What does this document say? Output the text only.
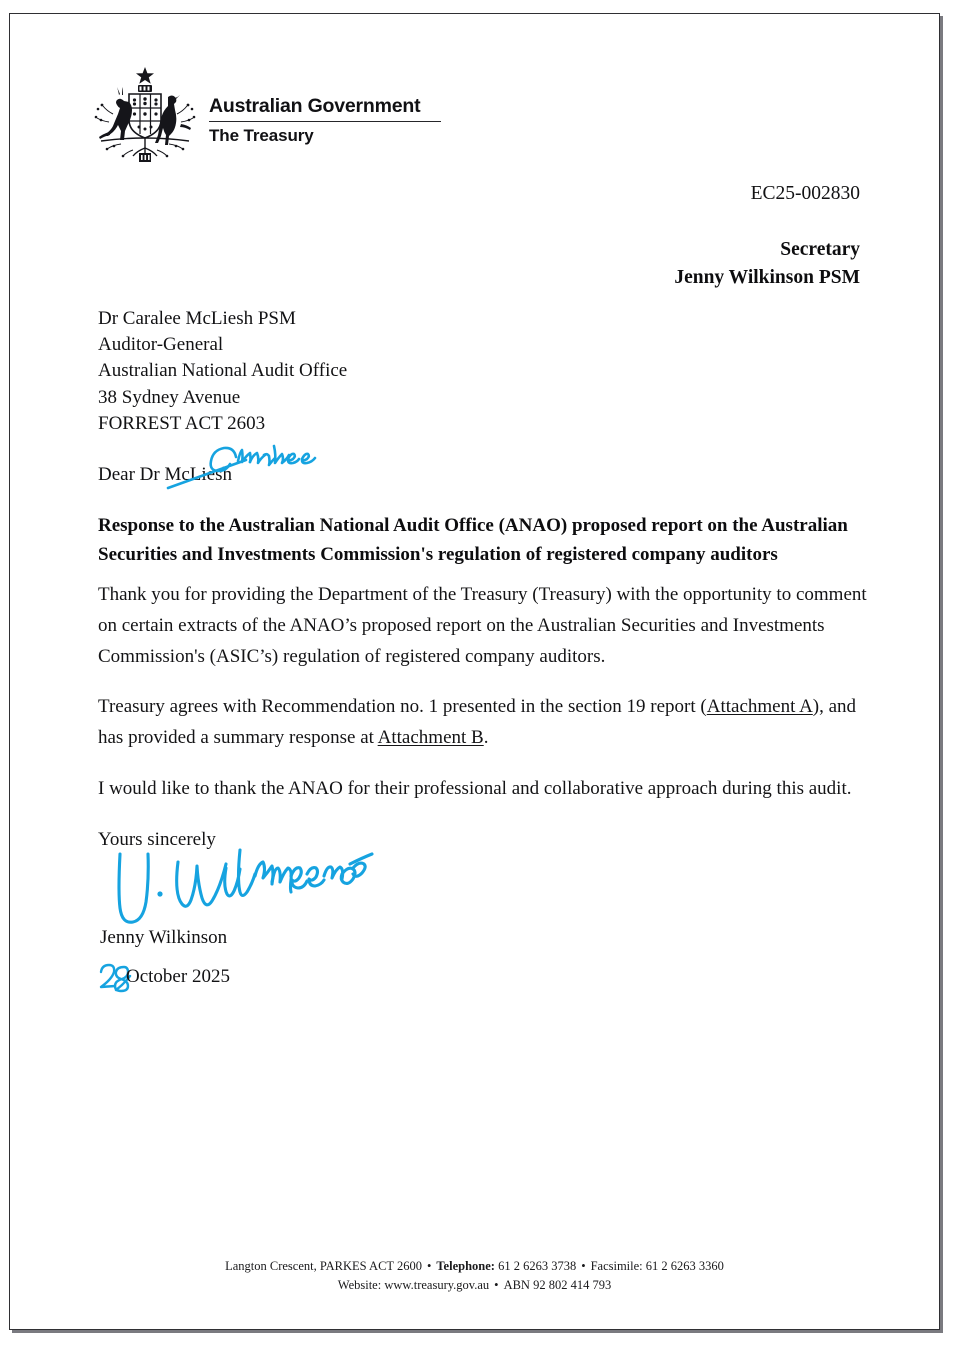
Australian Government
The Treasury
EC25-002830
Secretary
Jenny Wilkinson PSM
Dr Caralee McLiesh PSM
Auditor-General
Australian National Audit Office
38 Sydney Avenue
FORREST ACT 2603
Dear Dr McLiesh
Response to the Australian National Audit Office (ANAO) proposed report on the Australian Securities and Investments Commission's regulation of registered company auditors

Thank you for providing the Department of the Treasury (Treasury) with the opportunity to comment on certain extracts of the ANAO’s proposed report on the Australian Securities and Investments Commission's (ASIC’s) regulation of registered company auditors.

Treasury agrees with Recommendation no. 1 presented in the section 19 report (Attachment A), and has provided a summary response at Attachment B.

I would like to thank the ANAO for their professional and collaborative approach during this audit.

Yours sincerely

Jenny Wilkinson
October 2025
Langton Crescent, PARKES ACT 2600 • Telephone: 61 2 6263 3738 • Facsimile: 61 2 6263 3360
Website: www.treasury.gov.au • ABN 92 802 414 793
